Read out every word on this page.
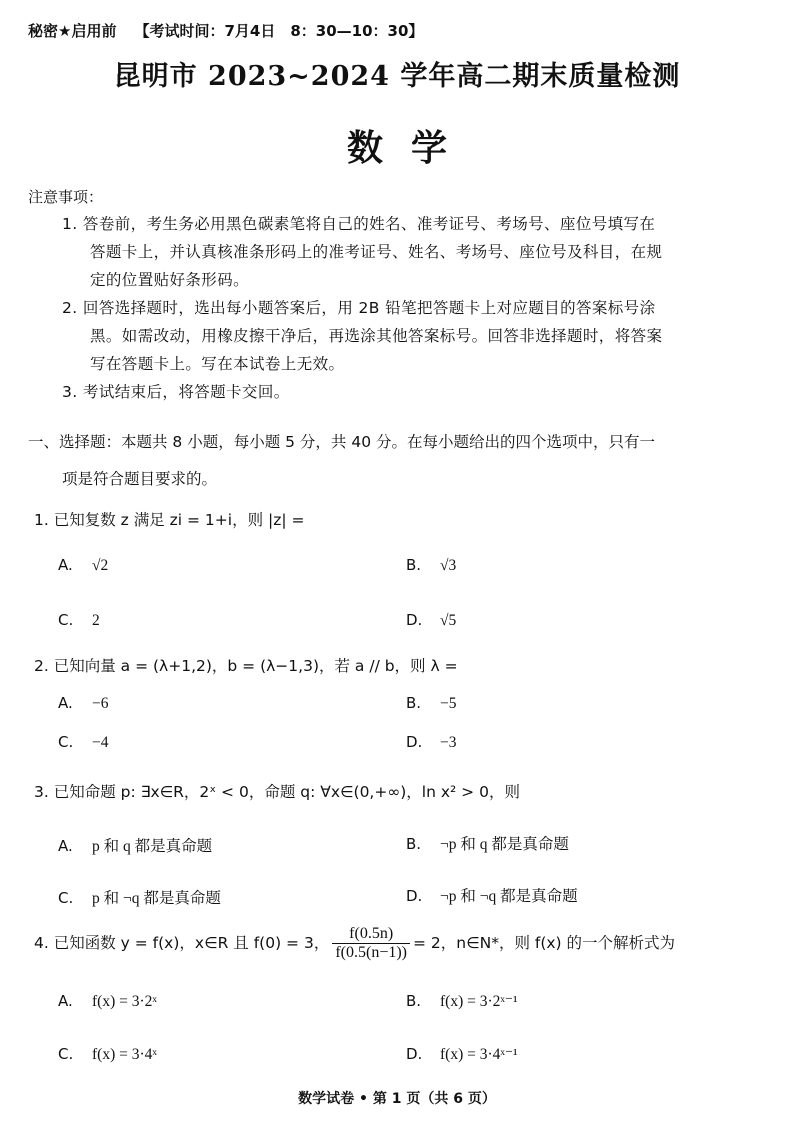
秘密★启用前 【考试时间：7月4日　8：30—10：30】
昆明市 2023~2024 学年高二期末质量检测
数学
注意事项：
1. 答卷前，考生务必用黑色碳素笔将自己的姓名、准考证号、考场号、座位号填写在
答题卡上，并认真核准条形码上的准考证号、姓名、考场号、座位号及科目，在规
定的位置贴好条形码。
2. 回答选择题时，选出每小题答案后，用 2B 铅笔把答题卡上对应题目的答案标号涂
黑。如需改动，用橡皮擦干净后，再选涂其他答案标号。回答非选择题时，将答案
写在答题卡上。写在本试卷上无效。
3. 考试结束后，将答题卡交回。
一、选择题：本题共 8 小题，每小题 5 分，共 40 分。在每小题给出的四个选项中，只有一
项是符合题目要求的。
1. 已知复数 z 满足 zi = 1+i，则 |z| =
A. √2	B. √3
C. 2	D. √5
2. 已知向量 a = (λ+1,2)，b = (λ−1,3)，若 a // b，则 λ =
A. −6	B. −5
C. −4	D. −3
3. 已知命题 p: ∃x∈R，2ˣ < 0，命题 q: ∀x∈(0,+∞)，ln x² > 0，则
A. p 和 q 都是真命题	B. ¬p 和 q 都是真命题
C. p 和 ¬q 都是真命题	D. ¬p 和 ¬q 都是真命题
4. 已知函数 y = f(x)，x∈R 且 f(0) = 3， $\frac{f(0.5n)}{f(0.5(n-1))} = 2$，n∈N*，则 f(x) 的一个解析式为
A. f(x) = 3·2ˣ	B. f(x) = 3·2ˣ⁻¹
C. f(x) = 3·4ˣ	D. f(x) = 3·4ˣ⁻¹
数学试卷 • 第 1 页（共 6 页）
